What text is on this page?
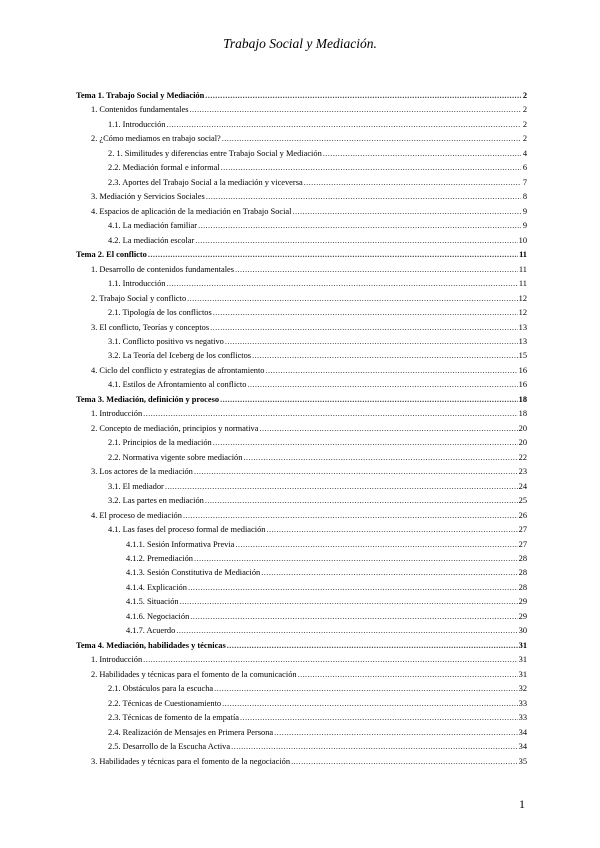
Trabajo Social y Mediación.
Tema 1. Trabajo Social y Mediación .....	2
1. Contenidos fundamentales .....	2
1.1. Introducción .....	2
2. ¿Cómo mediamos en trabajo social? .....	2
2. 1. Similitudes y diferencias entre Trabajo Social y Mediación .....	4
2.2. Mediación formal e informal .....	6
2.3. Aportes del Trabajo Social a la mediación y viceversa .....	7
3. Mediación y Servicios Sociales .....	8
4. Espacios de aplicación de la mediación en Trabajo Social .....	9
4.1. La mediación familiar .....	9
4.2. La mediación escolar .....	10
Tema 2. El conflicto .....	11
1. Desarrollo de contenidos fundamentales .....	11
1.1. Introducción .....	11
2. Trabajo Social y conflicto .....	12
2.1. Tipología de los conflictos .....	12
3. El conflicto, Teorías y conceptos .....	13
3.1. Conflicto positivo vs negativo .....	13
3.2. La Teoría del Iceberg de los conflictos .....	15
4. Ciclo del conflicto y estrategias de afrontamiento .....	16
4.1. Estilos de Afrontamiento al conflicto .....	16
Tema 3. Mediación, definición y proceso .....	18
1. Introducción .....	18
2. Concepto de mediación, principios y normativa .....	20
2.1. Principios de la mediación .....	20
2.2. Normativa vigente sobre mediación .....	22
3. Los actores de la mediación .....	23
3.1. El mediador .....	24
3.2. Las partes en mediación .....	25
4. El proceso de mediación .....	26
4.1. Las fases del proceso formal de mediación .....	27
4.1.1. Sesión Informativa Previa .....	27
4.1.2. Premediación .....	28
4.1.3. Sesión Constitutiva de Mediación .....	28
4.1.4. Explicación .....	28
4.1.5. Situación .....	29
4.1.6. Negociación .....	29
4.1.7. Acuerdo .....	30
Tema 4. Mediación, habilidades y técnicas .....	31
1. Introducción .....	31
2. Habilidades y técnicas para el fomento de la comunicación .....	31
2.1. Obstáculos para la escucha .....	32
2.2. Técnicas de Cuestionamiento .....	33
2.3. Técnicas de fomento de la empatía .....	33
2.4. Realización de Mensajes en Primera Persona .....	34
2.5. Desarrollo de la Escucha Activa .....	34
3. Habilidades y técnicas para el fomento de la negociación .....	35
1
